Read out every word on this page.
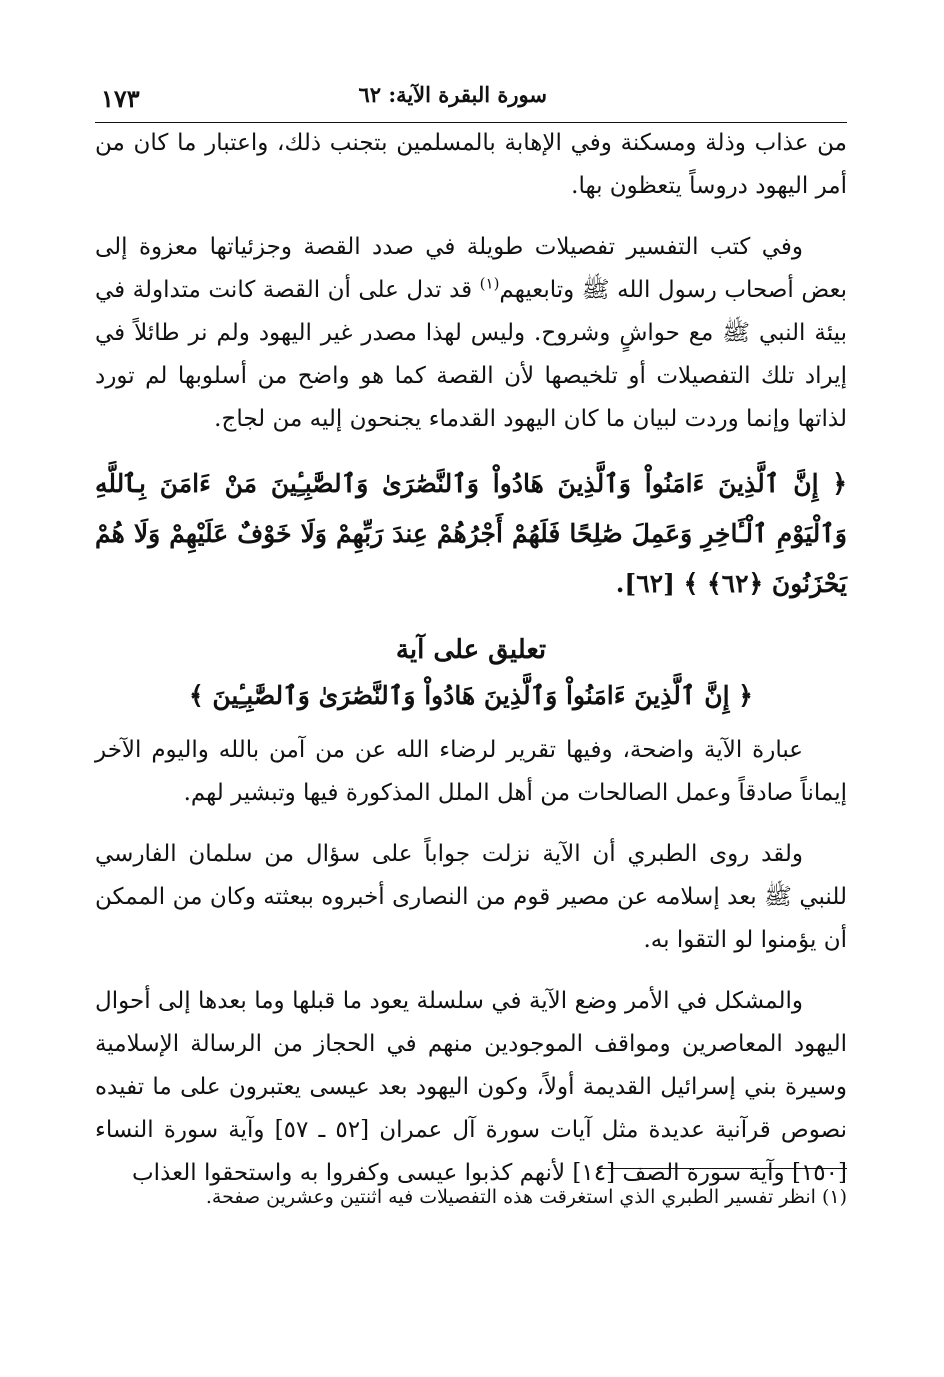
سورة البقرة الآية: ٦٢
١٧٣

من عذاب وذلة ومسكنة وفي الإهابة بالمسلمين بتجنب ذلك، واعتبار ما كان من أمر اليهود دروساً يتعظون بها.

وفي كتب التفسير تفصيلات طويلة في صدد القصة وجزئياتها معزوة إلى بعض أصحاب رسول الله ﷺ وتابعيهم$^{(١)}$ قد تدل على أن القصة كانت متداولة في بيئة النبي ﷺ مع حواشٍ وشروح. وليس لهذا مصدر غير اليهود ولم نر طائلاً في إيراد تلك التفصيلات أو تلخيصها لأن القصة كما هو واضح من أسلوبها لم تورد لذاتها وإنما وردت لبيان ما كان اليهود القدماء يجنحون إليه من لجاج.

﴿ إِنَّ ٱلَّذِينَ ءَامَنُواْ وَٱلَّذِينَ هَادُواْ وَٱلنَّصَٰرَىٰ وَٱلصَّٰبِـِٔينَ مَنْ ءَامَنَ بِٱللَّهِ وَٱلْيَوْمِ ٱلْـَٔاخِرِ وَعَمِلَ صَٰلِحًا فَلَهُمْ أَجْرُهُمْ عِندَ رَبِّهِمْ وَلَا خَوْفٌ عَلَيْهِمْ وَلَا هُمْ يَحْزَنُونَ ﴿٦٢﴾ ﴾ [٦٢].

تعليق على آية
﴿ إِنَّ ٱلَّذِينَ ءَامَنُواْ وَٱلَّذِينَ هَادُواْ وَٱلنَّصَٰرَىٰ وَٱلصَّٰبِـِٔينَ ﴾

عبارة الآية واضحة، وفيها تقرير لرضاء الله عن من آمن بالله واليوم الآخر إيماناً صادقاً وعمل الصالحات من أهل الملل المذكورة فيها وتبشير لهم.

ولقد روى الطبري أن الآية نزلت جواباً على سؤال من سلمان الفارسي للنبي ﷺ بعد إسلامه عن مصير قوم من النصارى أخبروه ببعثته وكان من الممكن أن يؤمنوا لو التقوا به.

والمشكل في الأمر وضع الآية في سلسلة يعود ما قبلها وما بعدها إلى أحوال اليهود المعاصرين ومواقف الموجودين منهم في الحجاز من الرسالة الإسلامية وسيرة بني إسرائيل القديمة أولاً، وكون اليهود بعد عيسى يعتبرون على ما تفيده نصوص قرآنية عديدة مثل آيات سورة آل عمران [٥٢ ـ ٥٧] وآية سورة النساء [١٥٠] وآية سورة الصف [١٤] لأنهم كذبوا عيسى وكفروا به واستحقوا العذاب

(١) انظر تفسير الطبري الذي استغرقت هذه التفصيلات فيه اثنتين وعشرين صفحة.
